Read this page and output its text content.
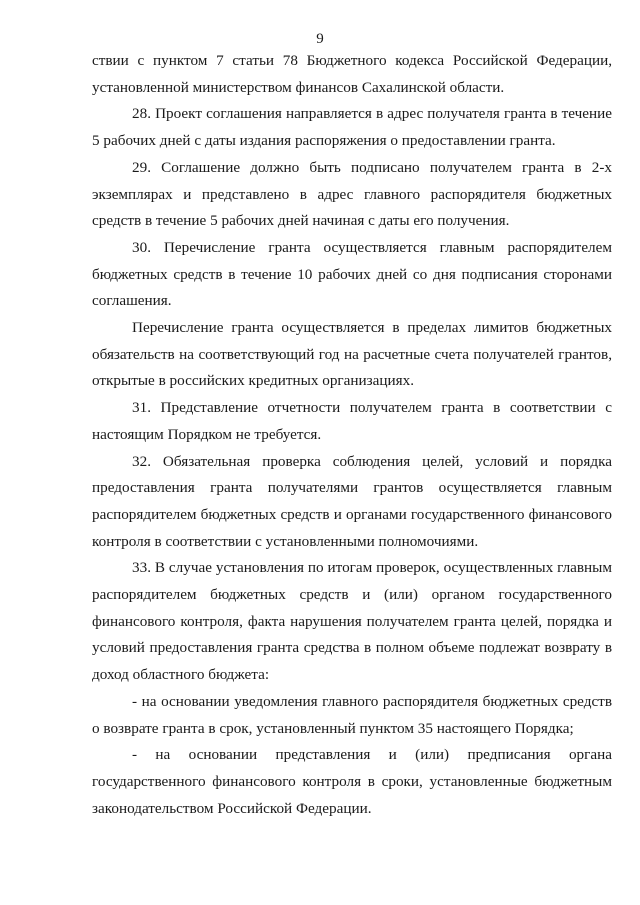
9

ствии с пунктом 7 статьи 78 Бюджетного кодекса Российской Федерации, установленной министерством финансов Сахалинской области.

28. Проект соглашения направляется в адрес получателя гранта в течение 5 рабочих дней с даты издания распоряжения о предоставлении гранта.

29. Соглашение должно быть подписано получателем гранта в 2-х экземплярах и представлено в адрес главного распорядителя бюджетных средств в течение 5 рабочих дней начиная с даты его получения.

30. Перечисление гранта осуществляется главным распорядителем бюджетных средств в течение 10 рабочих дней со дня подписания сторонами соглашения.

Перечисление гранта осуществляется в пределах лимитов бюджетных обязательств на соответствующий год на расчетные счета получателей грантов, открытые в российских кредитных организациях.

31. Представление отчетности получателем гранта в соответствии с настоящим Порядком не требуется.

32. Обязательная проверка соблюдения целей, условий и порядка предоставления гранта получателями грантов осуществляется главным распорядителем бюджетных средств и органами государственного финансового контроля в соответствии с установленными полномочиями.

33. В случае установления по итогам проверок, осуществленных главным распорядителем бюджетных средств и (или) органом государственного финансового контроля, факта нарушения получателем гранта целей, порядка и условий предоставления гранта средства в полном объеме подлежат возврату в доход областного бюджета:

- на основании уведомления главного распорядителя бюджетных средств о возврате гранта в срок, установленный пунктом 35 настоящего Порядка;

- на основании представления и (или) предписания органа государственного финансового контроля в сроки, установленные бюджетным законодательством Российской Федерации.
